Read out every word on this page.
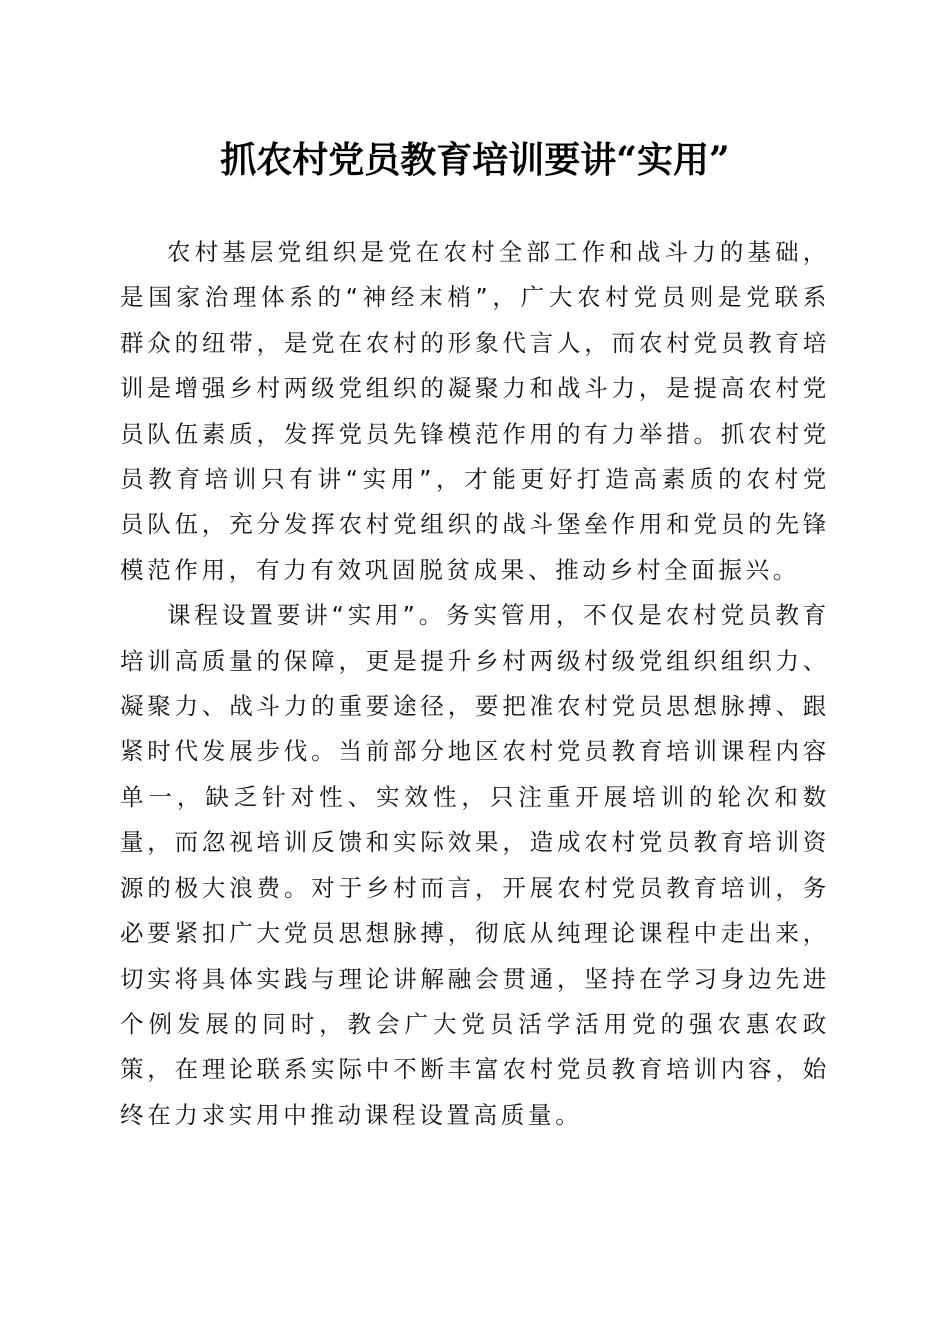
抓农村党员教育培训要讲“实用”

农村基层党组织是党在农村全部工作和战斗力的基础，是国家治理体系的“神经末梢”，广大农村党员则是党联系群众的纽带，是党在农村的形象代言人，而农村党员教育培训是增强乡村两级党组织的凝聚力和战斗力，是提高农村党员队伍素质，发挥党员先锋模范作用的有力举措。抓农村党员教育培训只有讲“实用”，才能更好打造高素质的农村党员队伍，充分发挥农村党组织的战斗堡垒作用和党员的先锋模范作用，有力有效巩固脱贫成果、推动乡村全面振兴。

课程设置要讲“实用”。务实管用，不仅是农村党员教育培训高质量的保障，更是提升乡村两级村级党组织组织力、凝聚力、战斗力的重要途径，要把准农村党员思想脉搏、跟紧时代发展步伐。当前部分地区农村党员教育培训课程内容单一，缺乏针对性、实效性，只注重开展培训的轮次和数量，而忽视培训反馈和实际效果，造成农村党员教育培训资源的极大浪费。对于乡村而言，开展农村党员教育培训，务必要紧扣广大党员思想脉搏，彻底从纯理论课程中走出来，切实将具体实践与理论讲解融会贯通，坚持在学习身边先进个例发展的同时，教会广大党员活学活用党的强农惠农政策，在理论联系实际中不断丰富农村党员教育培训内容，始终在力求实用中推动课程设置高质量。
